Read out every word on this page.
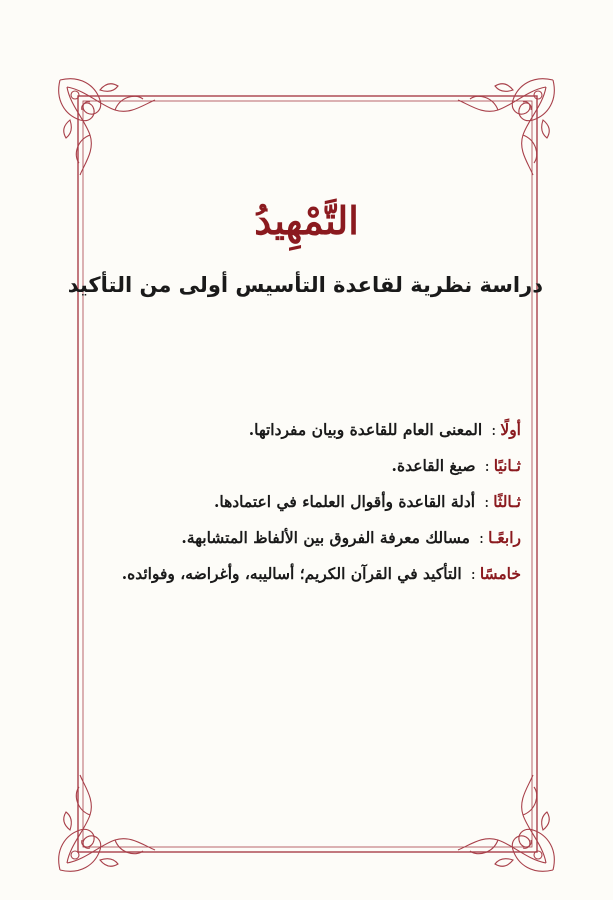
التَّمْهِيدُ
دراسة نظرية لقاعدة التأسيس أولى من التأكيد
أولًا: المعنى العام للقاعدة وبيان مفرداتها.
ثـانيًا: صيغ القاعدة.
ثـالثًا: أدلة القاعدة وأقوال العلماء في اعتمادها.
رابعًـا: مسالك معرفة الفروق بين الألفاظ المتشابهة.
خامسًا: التأكيد في القرآن الكريم؛ أساليبه، وأغراضه، وفوائده.
